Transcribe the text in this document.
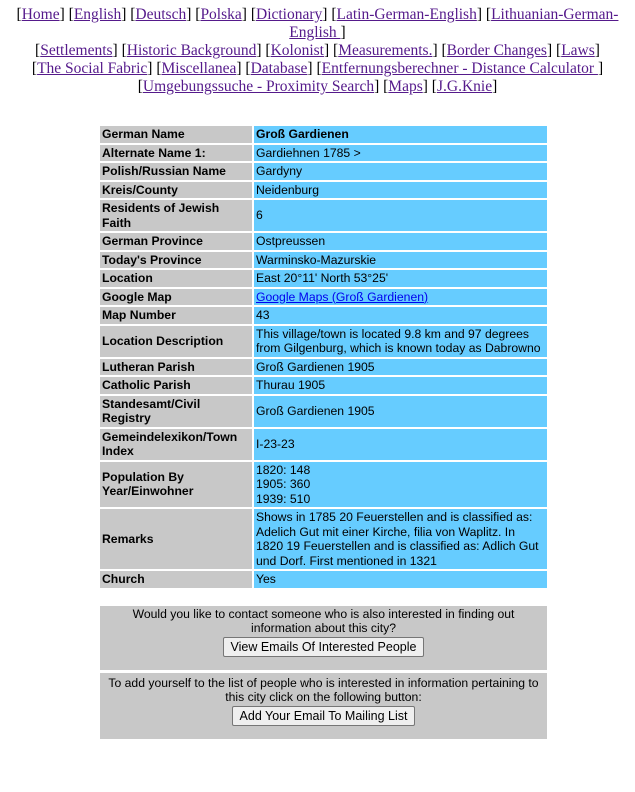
[Home] [English] [Deutsch] [Polska] [Dictionary] [Latin-German-English] [Lithuanian-German-English ]
[Settlements] [Historic Background] [Kolonist] [Measurements.] [Border Changes] [Laws]
[The Social Fabric] [Miscellanea] [Database] [Entfernungsberechner - Distance Calculator ]
[Umgebungssuche - Proximity Search] [Maps] [J.G.Knie]
German Name	Groß Gardienen
Alternate Name 1:	Gardiehnen 1785 >
Polish/Russian Name	Gardyny
Kreis/County	Neidenburg
Residents of Jewish Faith	6
German Province	Ostpreussen
Today's Province	Warminsko-Mazurskie
Location	East 20°11' North 53°25'
Google Map	Google Maps (Groß Gardienen)
Map Number	43
Location Description	This village/town is located 9.8 km and 97 degrees from Gilgenburg, which is known today as Dabrowno
Lutheran Parish	Groß Gardienen 1905
Catholic Parish	Thurau 1905
Standesamt/Civil Registry	Groß Gardienen 1905
Gemeindelexikon/Town Index	I-23-23
Population By Year/Einwohner	1820: 148
1905: 360
1939: 510
Remarks	Shows in 1785 20 Feuerstellen and is classified as: Adelich Gut mit einer Kirche, filia von Waplitz. In 1820 19 Feuerstellen and is classified as: Adlich Gut und Dorf. First mentioned in 1321
Church	Yes
Would you like to contact someone who is also interested in finding out information about this city?
View Emails Of Interested People
To add yourself to the list of people who is interested in information pertaining to this city click on the following button:
Add Your Email To Mailing List
